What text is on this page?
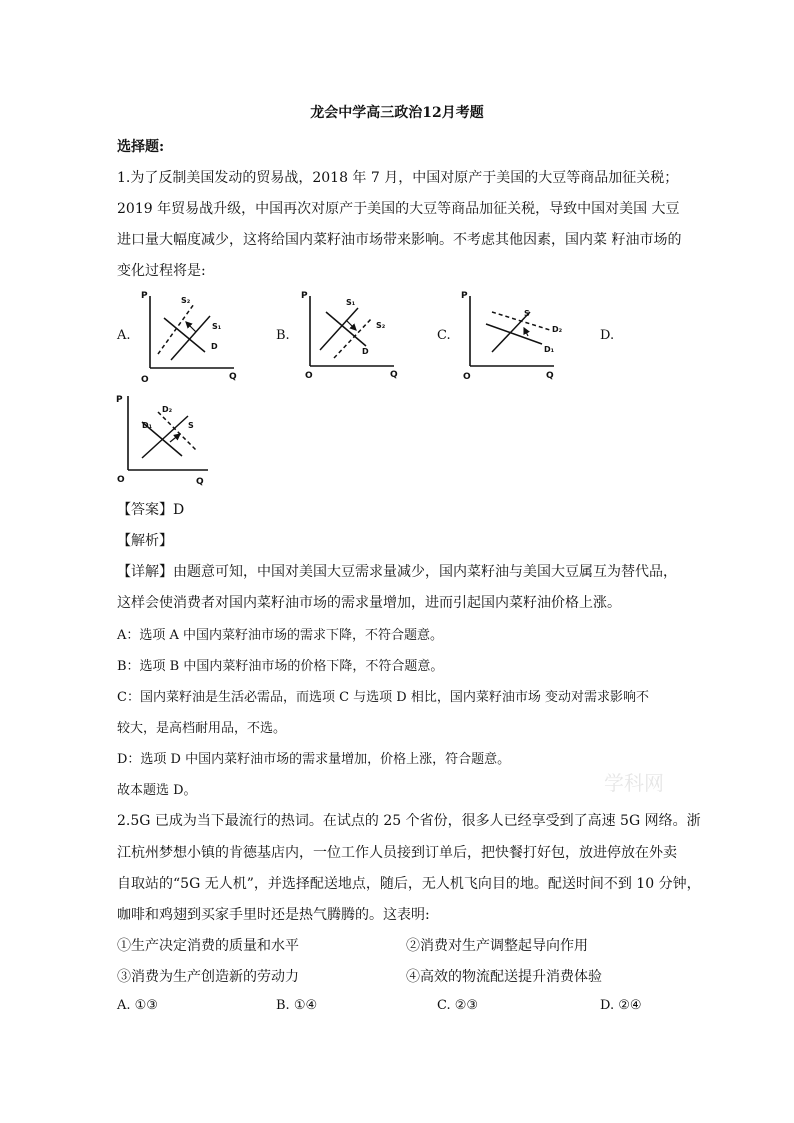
龙会中学高三政治12月考题
选择题:
1.为了反制美国发动的贸易战，2018 年 7 月，中国对原产于美国的大豆等商品加征关税；
2019 年贸易战升级，中国再次对原产于美国的大豆等商品加征关税，导致中国对美国 大豆
进口量大幅度减少，这将给国内菜籽油市场带来影响。不考虑其他因素，国内菜 籽油市场的
变化过程将是:
A.	B.	C.	D.
P
O	Q
S₂
S₁
D
P
O	Q
S₁
S₂
D
P
O	Q
S
D₂
D₁
P
O	Q
D₂
D₁	S
【答案】D
【解析】
【详解】由题意可知，中国对美国大豆需求量减少，国内菜籽油与美国大豆属互为替代品，
这样会使消费者对国内菜籽油市场的需求量增加，进而引起国内菜籽油价格上涨。
A：选项 A 中国内菜籽油市场的需求下降，不符合题意。
B：选项 B 中国内菜籽油市场的价格下降，不符合题意。
C：国内菜籽油是生活必需品，而选项 C 与选项 D 相比，国内菜籽油市场 变动对需求影响不
较大，是高档耐用品，不选。
D：选项 D 中国内菜籽油市场的需求量增加，价格上涨，符合题意。
故本题选 D。	学科网
2.5G 已成为当下最流行的热词。在试点的 25 个省份，很多人已经享受到了高速 5G 网络。浙
江杭州梦想小镇的肯德基店内，一位工作人员接到订单后，把快餐打好包，放进停放在外卖
自取站的“5G 无人机”，并选择配送地点，随后，无人机飞向目的地。配送时间不到 10 分钟，
咖啡和鸡翅到买家手里时还是热气腾腾的。这表明:
①生产决定消费的质量和水平	②消费对生产调整起导向作用
③消费为生产创造新的劳动力	④高效的物流配送提升消费体验
A. ①③	B. ①④	C. ②③	D. ②④
